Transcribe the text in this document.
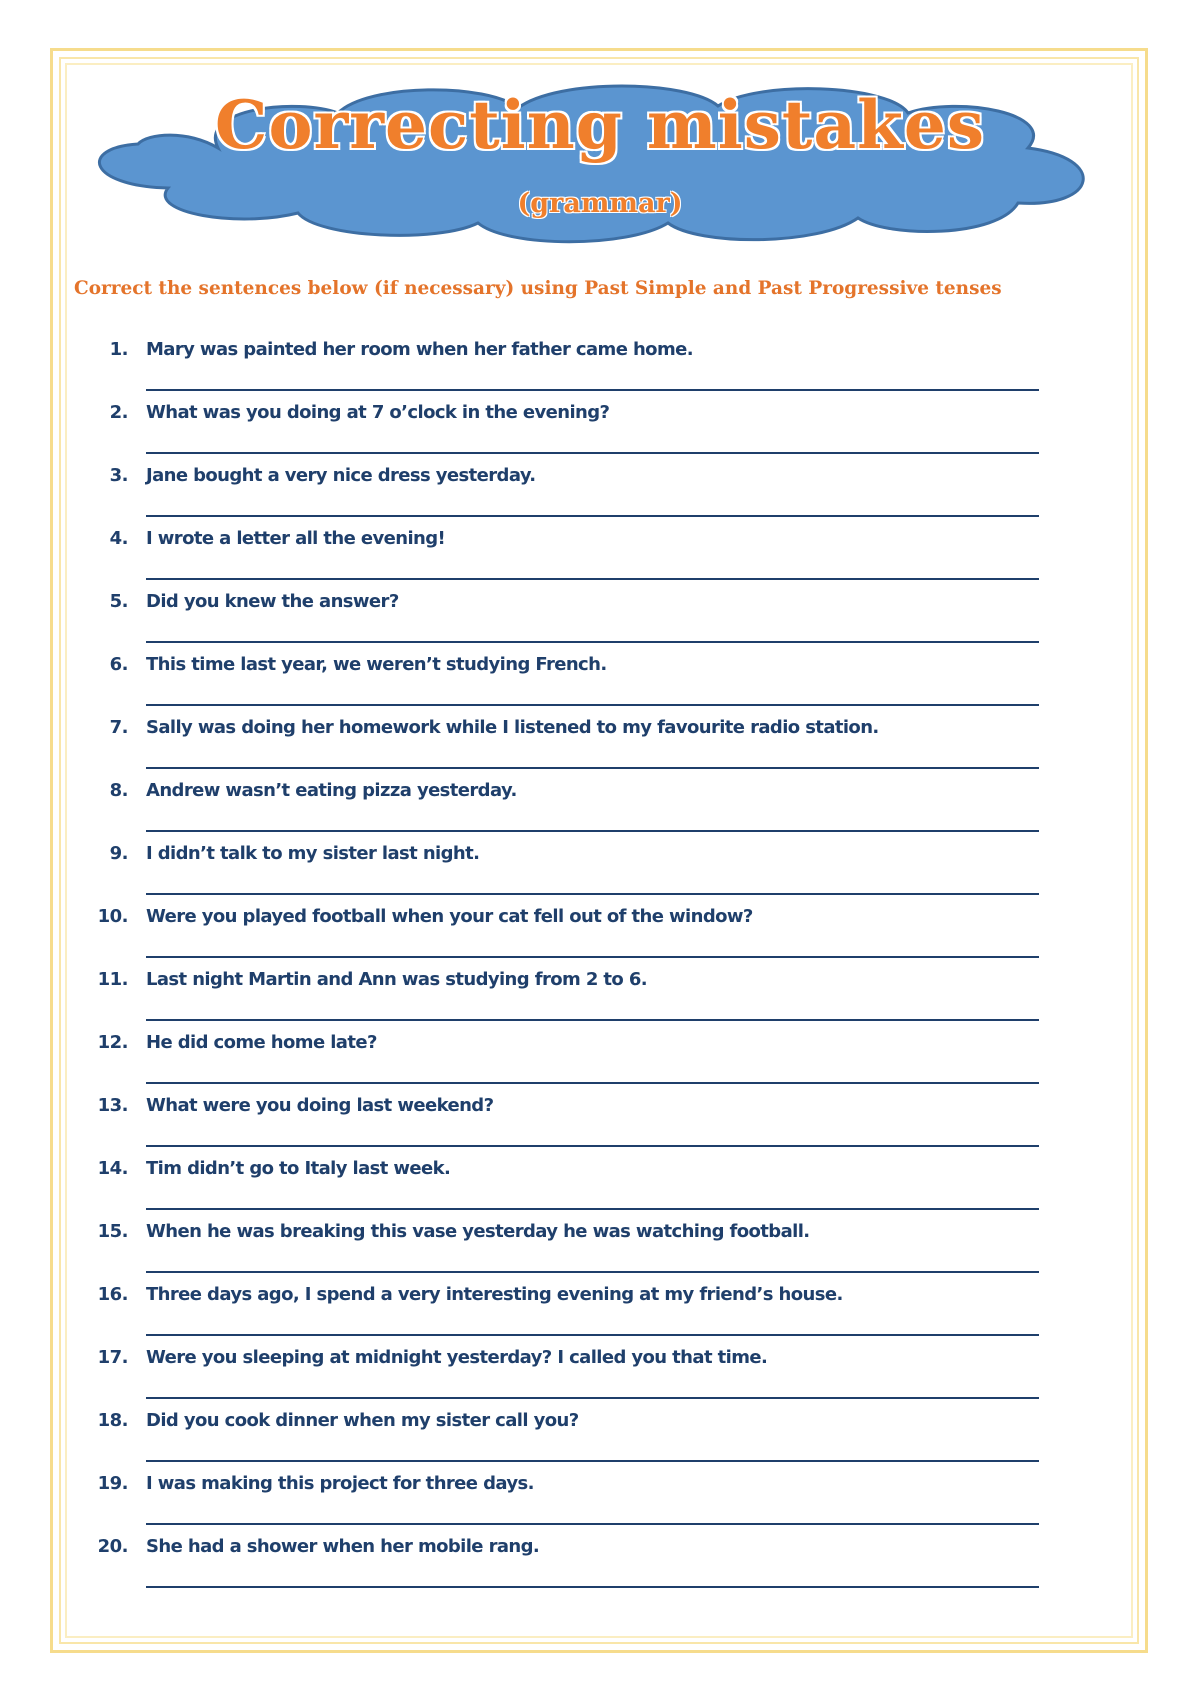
Correcting mistakes
(grammar)
Correct the sentences below (if necessary) using Past Simple and Past Progressive tenses
1. Mary was painted her room when her father came home.
2. What was you doing at 7 o’clock in the evening?
3. Jane bought a very nice dress yesterday.
4. I wrote a letter all the evening!
5. Did you knew the answer?
6. This time last year, we weren’t studying French.
7. Sally was doing her homework while I listened to my favourite radio station.
8. Andrew wasn’t eating pizza yesterday.
9. I didn’t talk to my sister last night.
10. Were you played football when your cat fell out of the window?
11. Last night Martin and Ann was studying from 2 to 6.
12. He did come home late?
13. What were you doing last weekend?
14. Tim didn’t go to Italy last week.
15. When he was breaking this vase yesterday he was watching football.
16. Three days ago, I spend a very interesting evening at my friend’s house.
17. Were you sleeping at midnight yesterday? I called you that time.
18. Did you cook dinner when my sister call you?
19. I was making this project for three days.
20. She had a shower when her mobile rang.
